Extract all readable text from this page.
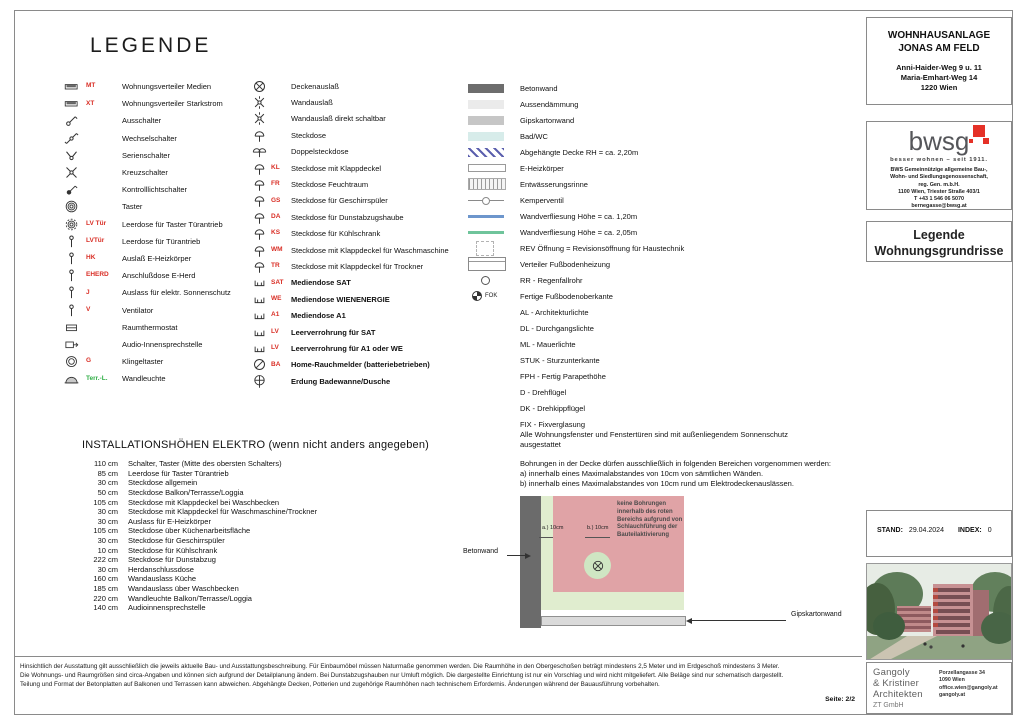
LEGENDE
MT	Wohnungsverteiler Medien
XT	Wohnungsverteiler Starkstrom
Ausschalter
Wechselschalter
Serienschalter
Kreuzschalter
Kontrolllichtschalter
Taster
LV Tür	Leerdose für Taster Türantrieb
LVTür	Leerdose für Türantrieb
HK	Auslaß E-Heizkörper
EHERD	Anschlußdose E-Herd
J	Auslass für elektr. Sonnenschutz
V	Ventilator
Raumthermostat
Audio-Innensprechstelle
G	Klingeltaster
Terr.-L.	Wandleuchte
Deckenauslaß
Wandauslaß
Wandauslaß direkt schaltbar
Steckdose
Doppelsteckdose
KL	Steckdose mit Klappdeckel
FR	Steckdose Feuchtraum
GS	Steckdose für Geschirrspüler
DA	Steckdose für Dunstabzugshaube
KS	Steckdose für Kühlschrank
WM	Steckdose mit Klappdeckel für Waschmaschine
TR	Steckdose mit Klappdeckel für Trockner
SAT Mediendose SAT
WE	Mediendose WIENENERGIE
A1	Mediendose A1
LV	Leerverrohrung für SAT
LV	Leerverrohrung für A1 oder WE
BA	Home-Rauchmelder (batteriebetrieben)
Erdung Badewanne/Dusche
Betonwand
Aussendämmung
Gipskartonwand
Bad/WC
Abgehängte Decke RH = ca. 2,20m
E-Heizkörper
Entwässerungsrinne
Kemperventil
Wandverfliesung Höhe = ca. 1,20m
Wandverfliesung Höhe = ca. 2,05m
REV Öffnung = Revisionsöffnung für Haustechnik
Verteiler Fußbodenheizung
RR - Regenfallrohr
FOK	Fertige Fußbodenoberkante
AL - Architekturlichte
DL - Durchgangslichte
ML - Mauerlichte
STUK - Sturzunterkante
FPH - Fertig Parapethöhe
D - Drehflügel
DK - Drehkippflügel
FIX - Fixverglasung
Alle Wohnungsfenster und Fenstertüren sind mit außenliegendem Sonnenschutz ausgestattet
Bohrungen in der Decke dürfen ausschließlich in folgenden Bereichen vorgenommen werden:
a) innerhalb eines Maximalabstandes von 10cm von sämtlichen Wänden.
b) innerhalb eines Maximalabstandes von 10cm rund um Elektrodeckenauslässen.
INSTALLATIONSHÖHEN ELEKTRO (wenn nicht anders angegeben)
110 cm Schalter, Taster (Mitte des obersten Schalters)
85 cm Leerdose für Taster Türantrieb
30 cm Steckdose allgemein
50 cm Steckdose Balkon/Terrasse/Loggia
105 cm Steckdose mit Klappdeckel bei Waschbecken
30 cm Steckdose mit Klappdeckel für Waschmaschine/Trockner
30 cm Auslass für E-Heizkörper
105 cm Steckdose über Küchenarbeitsfläche
30 cm Steckdose für Geschirrspüler
10 cm Steckdose für Kühlschrank
222 cm Steckdose für Dunstabzug
30 cm Herdanschlussdose
160 cm Wandauslass Küche
185 cm Wandauslass über Waschbecken
220 cm Wandleuchte Balkon/Terrasse/Loggia
140 cm Audioinnensprechstelle
keine Bohrungen innerhalb des roten Bereichs aufgrund von Schlauchführung der Bauteilaktivierung
a.) 10cm	b.) 10cm
Betonwand
Gipskartonwand
Hinsichtlich der Ausstattung gilt ausschließlich die jeweils aktuelle Bau- und Ausstattungsbeschreibung. Für Einbaumöbel müssen Naturmaße genommen werden. Die Raumhöhe in den Obergeschoßen beträgt mindestens 2,5 Meter und im Erdgeschoß mindestens 3 Meter.
Die Wohnungs- und Raumgrößen sind circa-Angaben und können sich aufgrund der Detailplanung ändern. Bei Dunstabzugshauben nur Umluft möglich. Die dargestellte Einrichtung ist nur ein Vorschlag und wird nicht mitgeliefert. Alle Beläge sind nur schematisch dargestellt.
Teilung und Format der Betonplatten auf Balkonen und Terrassen kann abweichen. Abgehängte Decken, Potterien und zugehörige Raumhöhen nach technischem Erfordernis. Änderungen während der Bauausführung vorbehalten.
Seite: 2/2
WOHNHAUSANLAGE
JONAS AM FELD
Anni-Haider-Weg 9 u. 11
Maria-Emhart-Weg 14
1220 Wien
bwsg
besser wohnen – seit 1911.
BWS Gemeinnützige allgemeine Bau-,
Wohn- und Siedlungsgenossenschaft,
reg. Gen. m.b.H.
1100 Wien, Triester Straße 403/1
T +43 1 546 06 5070
bernegasse@bwsg.at
Legende
Wohnungsgrundrisse
STAND: 29.04.2024 INDEX: 0
Gangoly
& Kristiner
Architekten
ZT GmbH
Porzellangasse 34
1090 Wien
office.wien@gangoly.at
gangoly.at
